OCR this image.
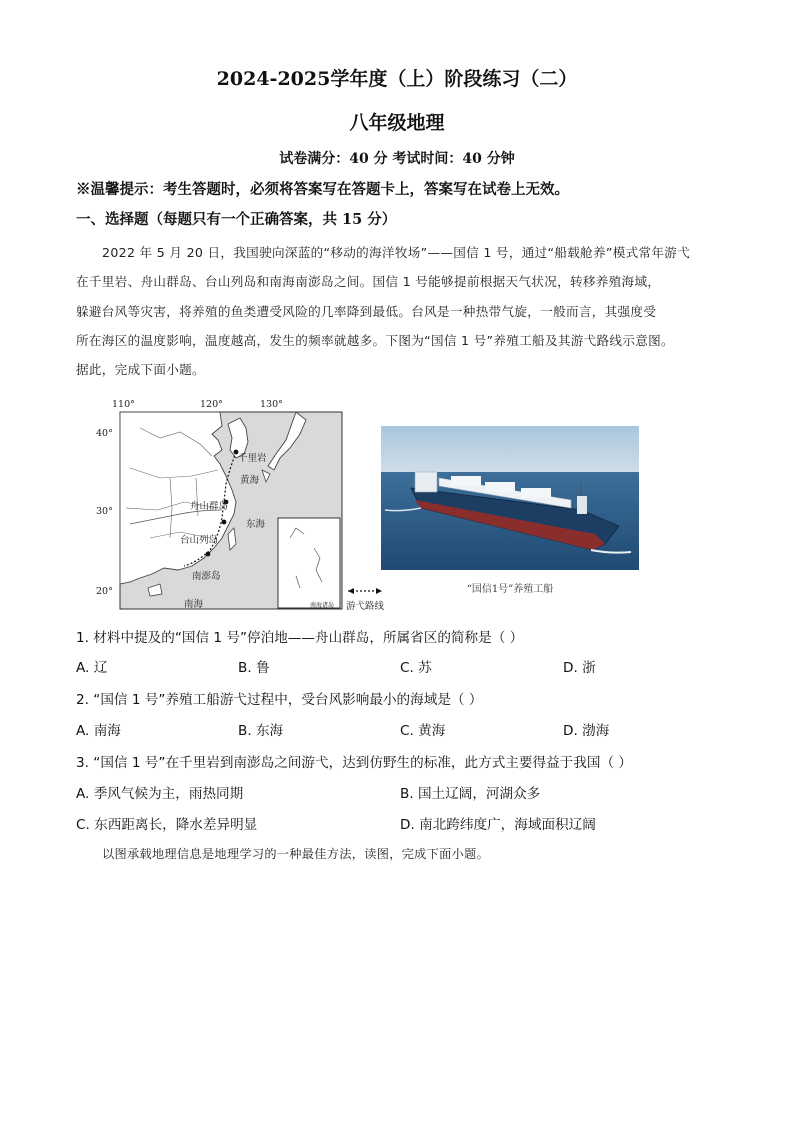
2024-2025学年度（上）阶段练习（二）
八年级地理
试卷满分：40 分 考试时间：40 分钟
※温馨提示：考生答题时，必须将答案写在答题卡上，答案写在试卷上无效。
一、选择题（每题只有一个正确答案，共 15 分）
2022 年 5 月 20 日，我国驶向深蓝的“移动的海洋牧场”——国信 1 号，通过“船载舱养”模式常年游弋
在千里岩、舟山群岛、台山列岛和南海南澎岛之间。国信 1 号能够提前根据天气状况，转移养殖海域，
躲避台风等灾害，将养殖的鱼类遭受风险的几率降到最低。台风是一种热带气旋，一般而言，其强度受
所在海区的温度影响，温度越高，发生的频率就越多。下图为“国信 1 号”养殖工船及其游弋路线示意图。
据此，完成下面小题。
110°	120°	130°
40°
30°
20°
千里岩
黄海
舟山群岛
东海
台山列岛
南澎岛
南海	南海诸岛 游弋路线
“国信1号”养殖工船
1. 材料中提及的“国信 1 号”停泊地——舟山群岛，所属省区的简称是（ ）
A. 辽	B. 鲁	C. 苏	D. 浙
2. “国信 1 号”养殖工船游弋过程中，受台风影响最小的海域是（ ）
A. 南海	B. 东海	C. 黄海	D. 渤海
3. “国信 1 号”在千里岩到南澎岛之间游弋，达到仿野生的标准，此方式主要得益于我国（ ）
A. 季风气候为主，雨热同期	B. 国土辽阔，河湖众多
C. 东西距离长，降水差异明显	D. 南北跨纬度广，海域面积辽阔
以图承载地理信息是地理学习的一种最佳方法，读图，完成下面小题。
